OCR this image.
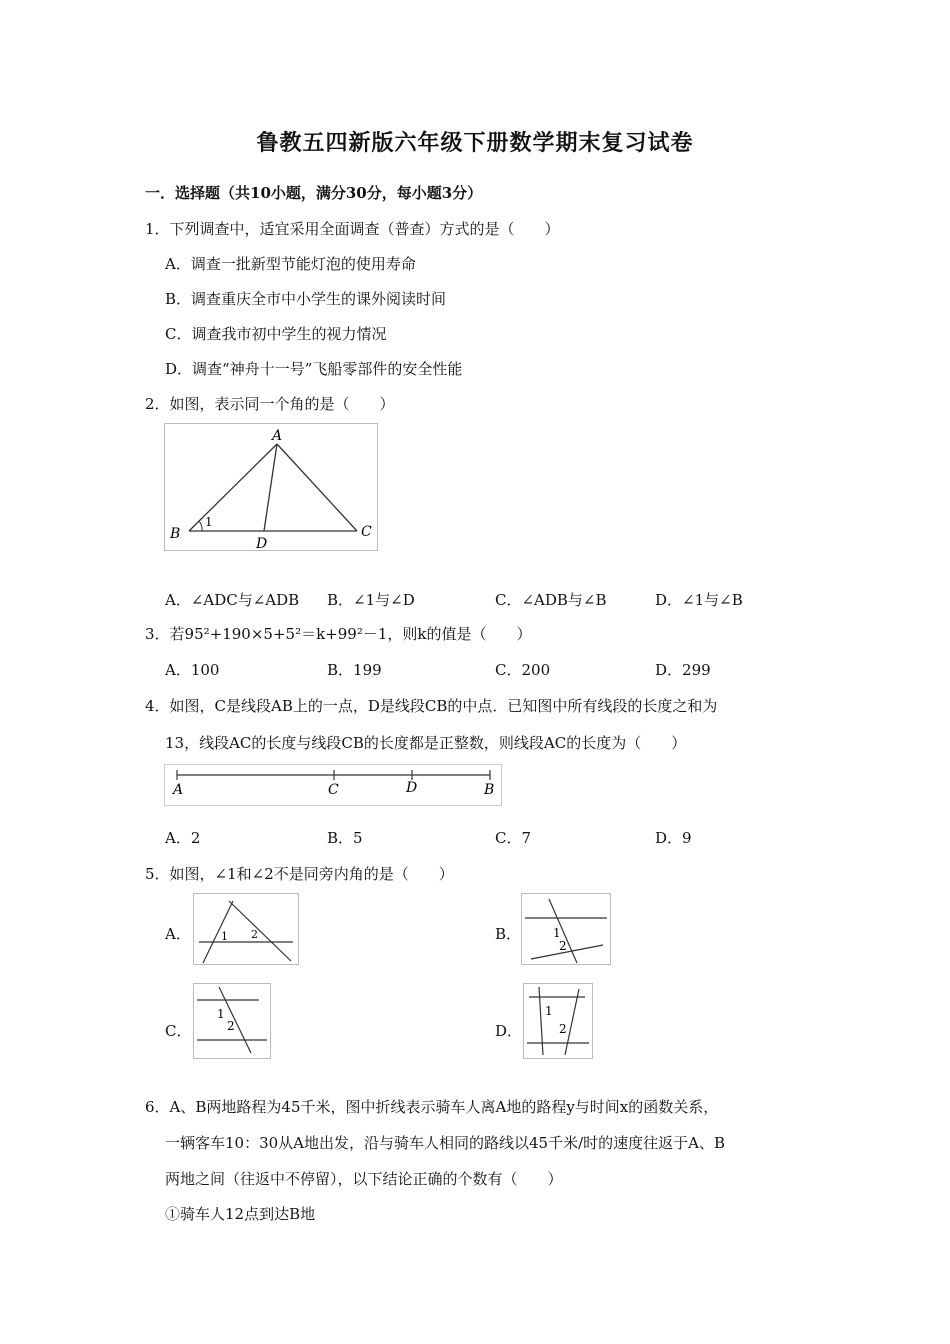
鲁教五四新版六年级下册数学期末复习试卷
一．选择题（共10小题，满分30分，每小题3分）
1．下列调查中，适宜采用全面调查（普查）方式的是（　　）
A．调查一批新型节能灯泡的使用寿命
B．调查重庆全市中小学生的课外阅读时间
C．调查我市初中学生的视力情况
D．调查“神舟十一号”飞船零部件的安全性能
2．如图，表示同一个角的是（　　）
A
B	C
D
1
A．∠ADC与∠ADB B．∠1与∠D	C．∠ADB与∠B	D．∠1与∠B
3．若95²+190×5+5²＝k+99²－1，则k的值是（　　）
A．100	B．199	C．200	D．299
4．如图，C是线段AB上的一点，D是线段CB的中点．已知图中所有线段的长度之和为
13，线段AC的长度与线段CB的长度都是正整数，则线段AC的长度为（　　）
A	C	D	B
A．2	B．5	C．7	D．9
5．如图，∠1和∠2不是同旁内角的是（　　）
A．	1 2	B．	1
2
C．
1
2	D．
1
2
6．A、B两地路程为45千米，图中折线表示骑车人离A地的路程y与时间x的函数关系，
一辆客车10：30从A地出发，沿与骑车人相同的路线以45千米/时的速度往返于A、B
两地之间（往返中不停留），以下结论正确的个数有（　　）
①骑车人12点到达B地
